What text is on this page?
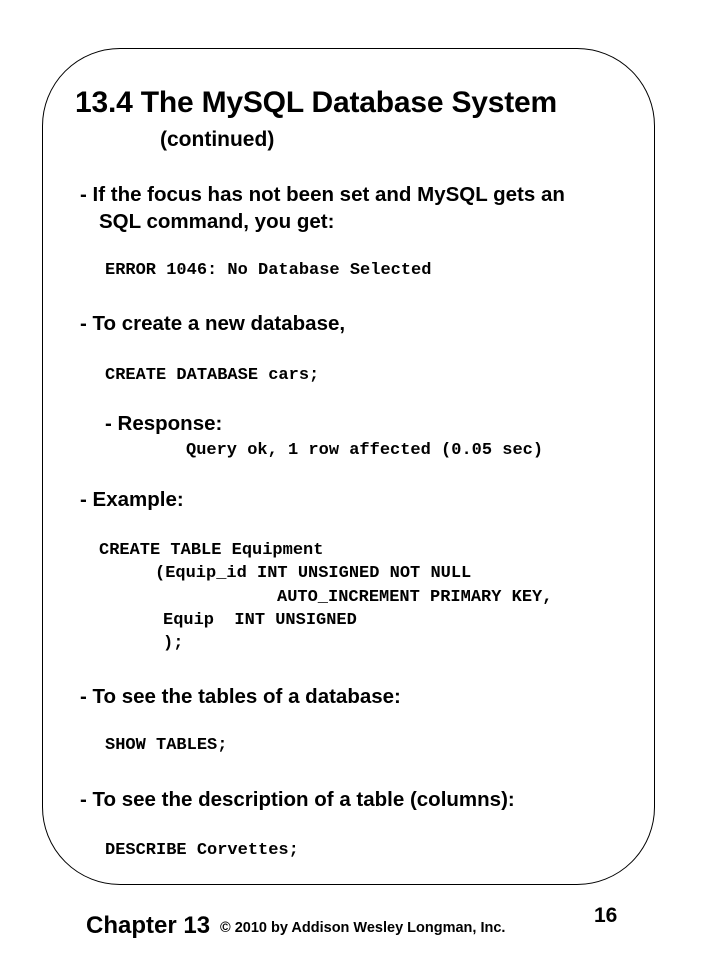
13.4 The MySQL Database System
(continued)
- If the focus has not been set and MySQL gets an
SQL command, you get:
ERROR 1046: No Database Selected
- To create a new database,
CREATE DATABASE cars;
- Response:
Query ok, 1 row affected (0.05 sec)
- Example:
CREATE TABLE Equipment
(Equip_id INT UNSIGNED NOT NULL
AUTO_INCREMENT PRIMARY KEY,
Equip  INT UNSIGNED
);
- To see the tables of a database:
SHOW TABLES;
- To see the description of a table (columns):
DESCRIBE Corvettes;
Chapter 13 © 2010 by Addison Wesley Longman, Inc.
16
